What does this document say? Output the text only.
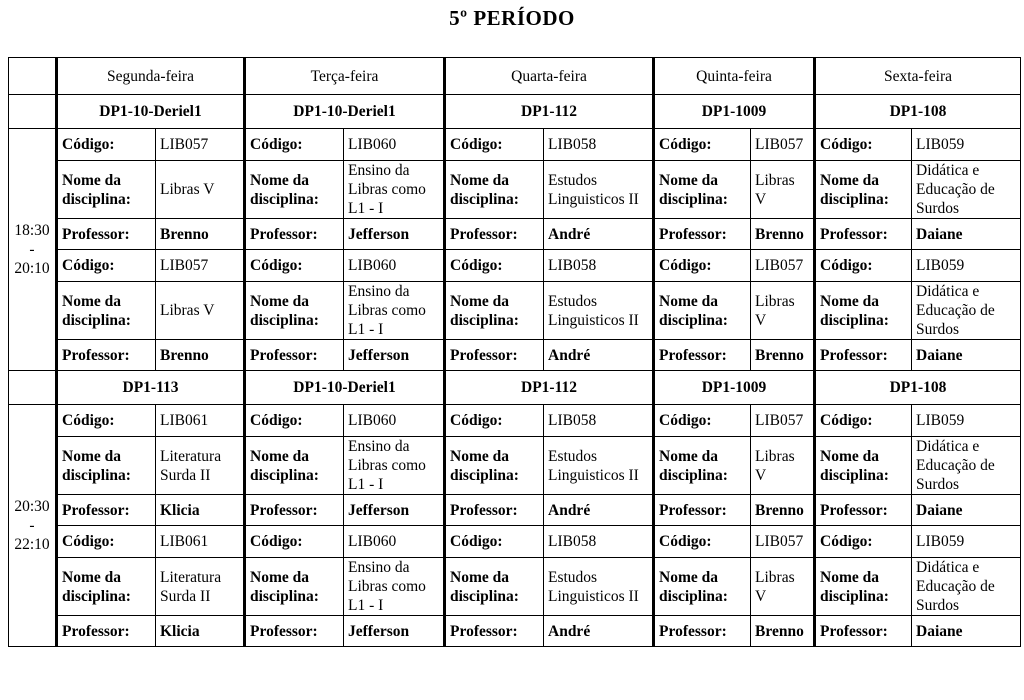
5º PERÍODO
	Segunda-feira		Terça-feira		Quarta-feira		Quinta-feira		Sexta-feira	
	DP1-10-Deriel1		DP1-10-Deriel1		DP1-112		DP1-1009		DP1-108	

18:30
-
20:10	Código:	LIB057	Código:	LIB060	Código:	LIB058	Código:	LIB057	Código:	LIB059
	Nome da disciplina:	Libras V	Nome da disciplina:	Ensino da Libras como L1 - I	Nome da disciplina:	Estudos Linguisticos II	Nome da disciplina:	Libras V	Nome da disciplina:	Didática e Educação de Surdos
	Professor:	Brenno	Professor:	Jefferson	Professor:	André	Professor:	Brenno	Professor:	Daiane
	Código:	LIB057	Código:	LIB060	Código:	LIB058	Código:	LIB057	Código:	LIB059
	Nome da disciplina:	Libras V	Nome da disciplina:	Ensino da Libras como L1 - I	Nome da disciplina:	Estudos Linguisticos II	Nome da disciplina:	Libras V	Nome da disciplina:	Didática e Educação de Surdos
	Professor:	Brenno	Professor:	Jefferson	Professor:	André	Professor:	Brenno	Professor:	Daiane
	DP1-113		DP1-10-Deriel1		DP1-112		DP1-1009		DP1-108	

20:30
-
22:10	Código:	LIB061	Código:	LIB060	Código:	LIB058	Código:	LIB057	Código:	LIB059
	Nome da disciplina:	Literatura Surda II	Nome da disciplina:	Ensino da Libras como L1 - I	Nome da disciplina:	Estudos Linguisticos II	Nome da disciplina:	Libras V	Nome da disciplina:	Didática e Educação de Surdos
	Professor:	Klicia	Professor:	Jefferson	Professor:	André	Professor:	Brenno	Professor:	Daiane
	Código:	LIB061	Código:	LIB060	Código:	LIB058	Código:	LIB057	Código:	LIB059
	Nome da disciplina:	Literatura Surda II	Nome da disciplina:	Ensino da Libras como L1 - I	Nome da disciplina:	Estudos Linguisticos II	Nome da disciplina:	Libras V	Nome da disciplina:	Didática e Educação de Surdos
	Professor:	Klicia	Professor:	Jefferson	Professor:	André	Professor:	Brenno	Professor:	Daiane
